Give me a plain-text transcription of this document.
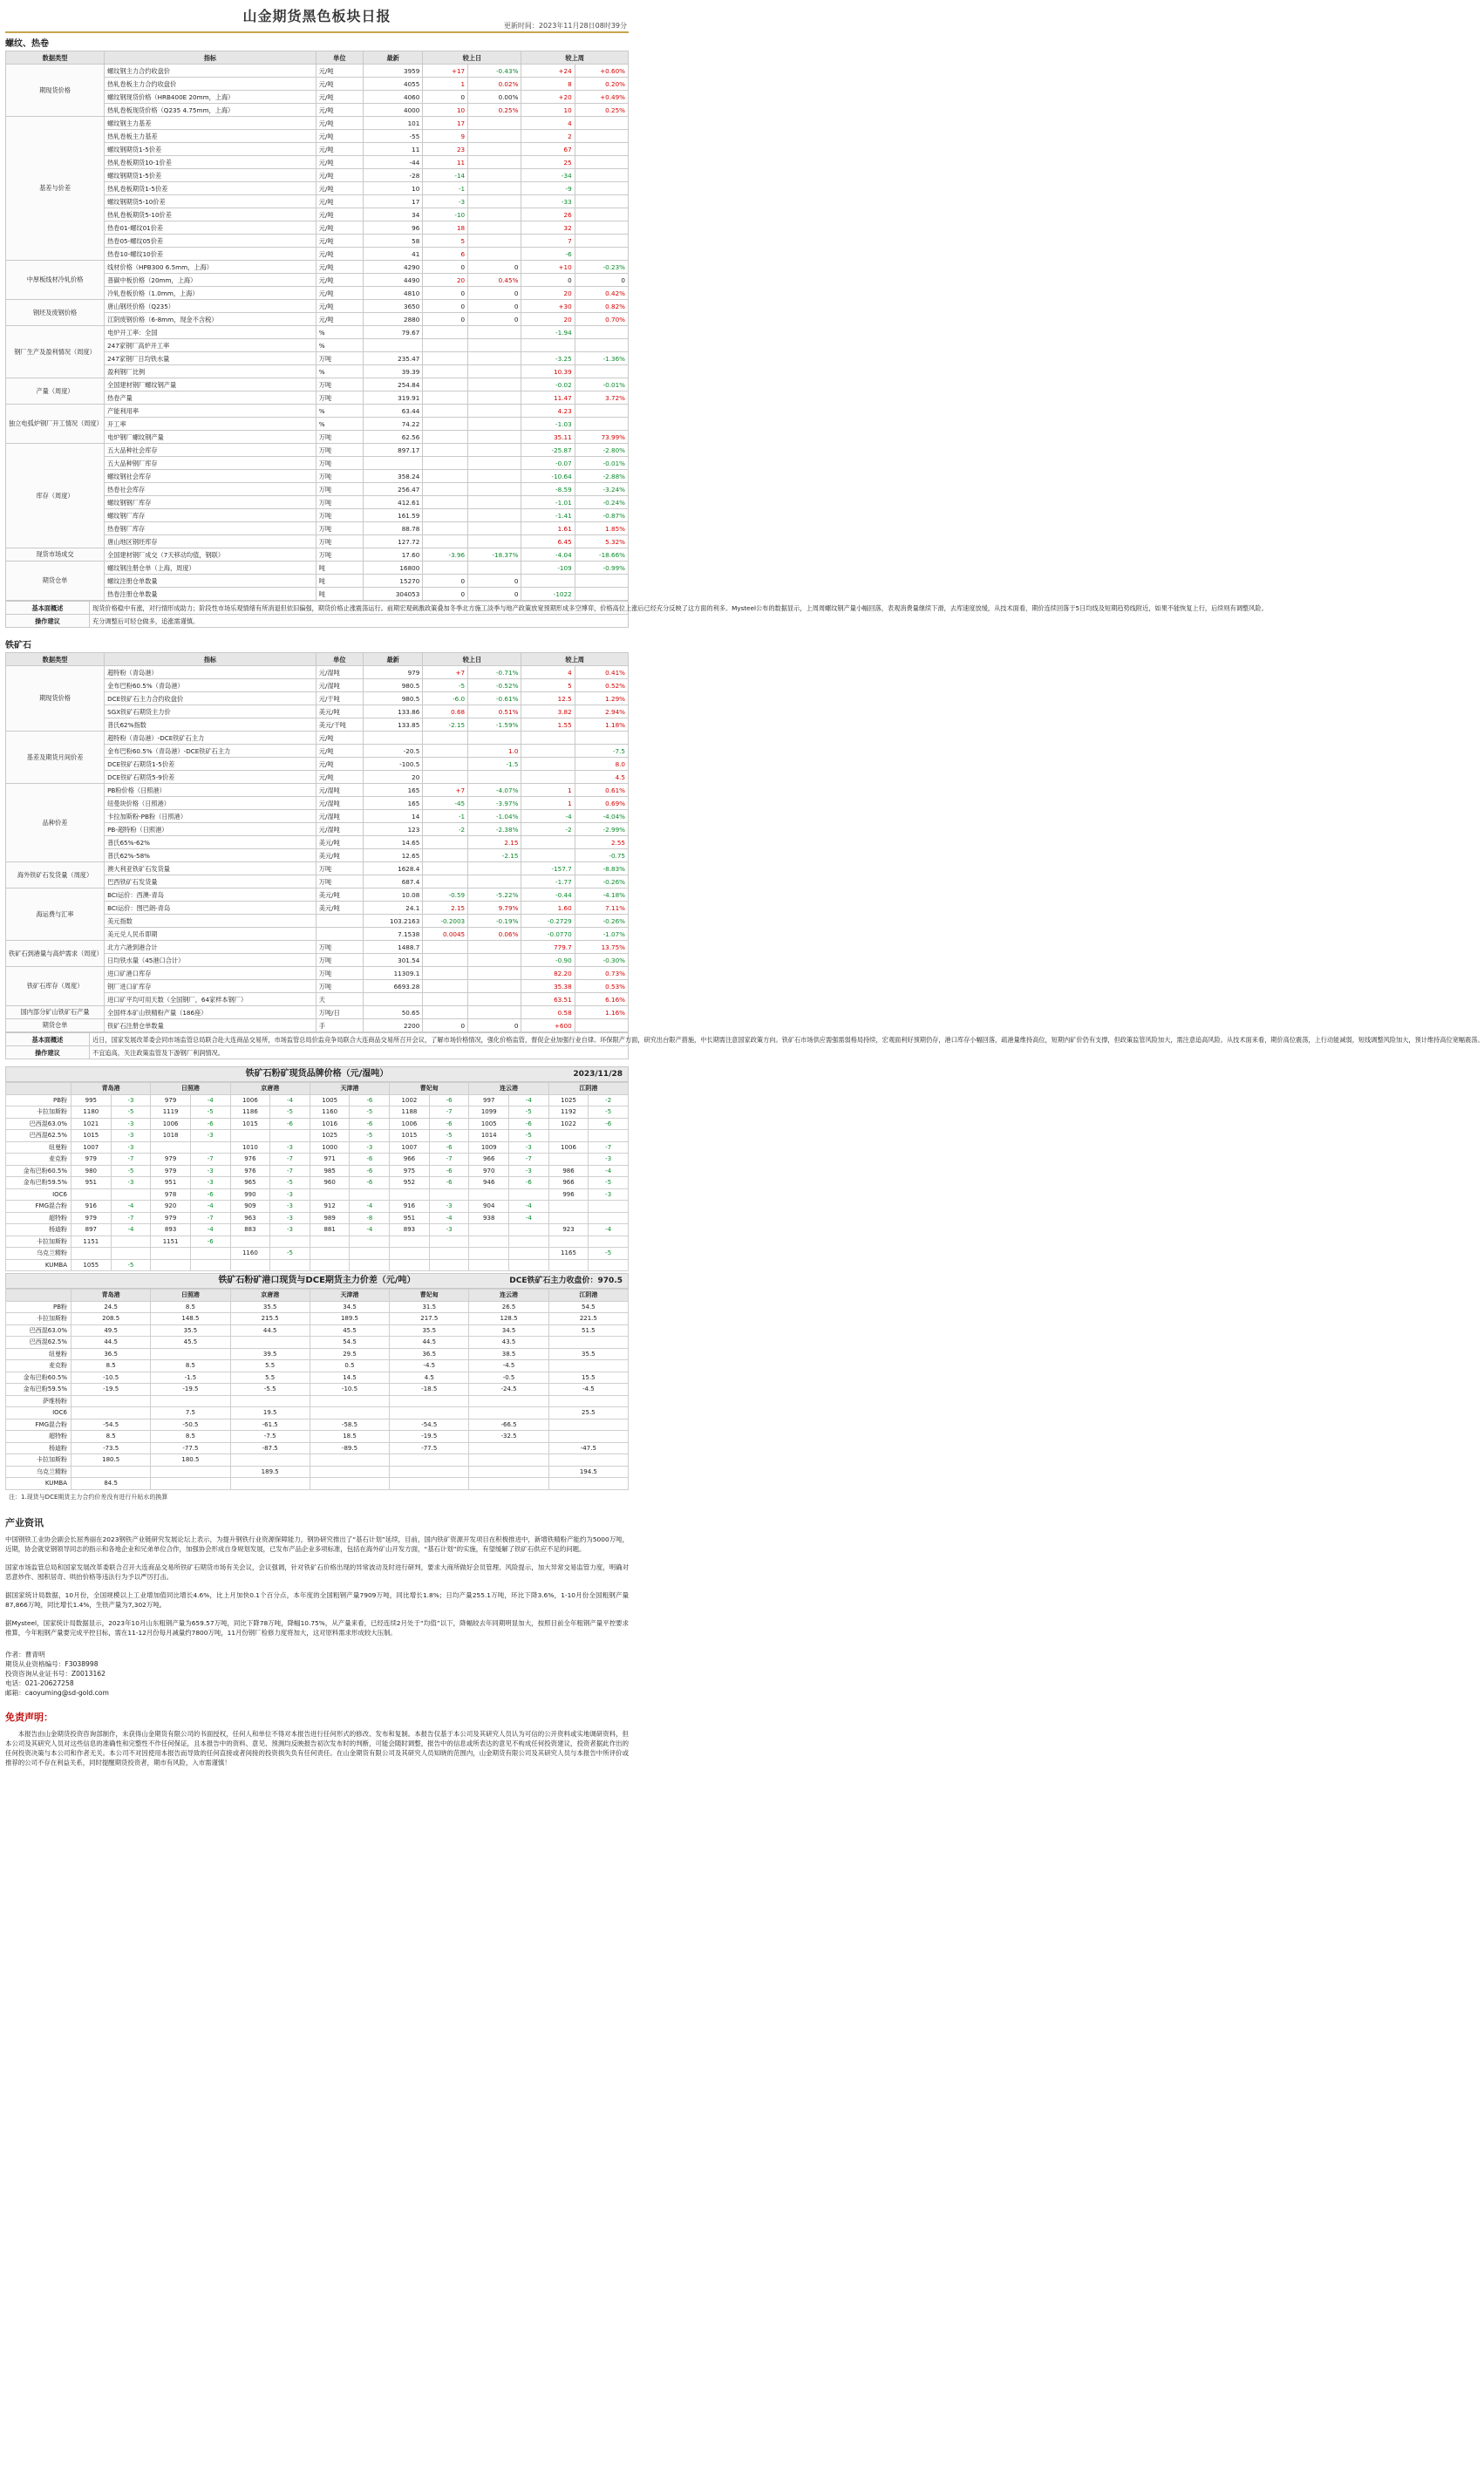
山金期货黑色板块日报
更新时间：2023年11月28日08时39分
螺纹、热卷
数据类型	指标	单位	最新	较上日		较上周	
期现货价格	螺纹钢主力合约收盘价	元/吨	3959	+17	-0.43%	+24	+0.60%
	热轧卷板主力合约收盘价	元/吨	4055	1	0.02%	8	0.20%
	螺纹钢现货价格（HRB400E 20mm，上海）	元/吨	4060	0	0.00%	+20	+0.49%
	热轧卷板现货价格（Q235 4.75mm，上海）	元/吨	4000	10	0.25%	10	0.25%
基差与价差	螺纹钢主力基差	元/吨	101	17		4	
	热轧卷板主力基差	元/吨	-55	9		2	
	螺纹钢期货1-5价差	元/吨	11	23		67	
	热轧卷板期货10-1价差	元/吨	-44	11		25	
	螺纹钢期货1-5价差	元/吨	-28	-14		-34	
	热轧卷板期货1-5价差	元/吨	10	-1		-9	
	螺纹钢期货5-10价差	元/吨	17	-3		-33	
	热轧卷板期货5-10价差	元/吨	34	-10		26	
	热卷01-螺纹01价差	元/吨	96	18		32	
	热卷05-螺纹05价差	元/吨	58	5		7	
	热卷10-螺纹10价差	元/吨	41	6		-6	
中厚板线材冷轧价格	线材价格（HPB300 6.5mm，上海）	元/吨	4290	0	0	+10	-0.23%
	普碳中板价格（20mm，上海）	元/吨	4490	20	0.45%	0	0
	冷轧卷板价格（1.0mm，上海）	元/吨	4810	0	0	20	0.42%
钢坯及废钢价格	唐山钢坯价格（Q235）	元/吨	3650	0	0	+30	0.82%
	江阴废钢价格（6-8mm，现金不含税）	元/吨	2880	0	0	20	0.70%
钢厂生产及盈利情况（周度）	电炉开工率：全国	%	79.67			-1.94	
	247家钢厂高炉开工率	%					
	247家钢厂日均铁水量	万吨	235.47			-3.25	-1.36%
	盈利钢厂比例	%	39.39			10.39	
产量（周度）	全国建材钢厂螺纹钢产量	万吨	254.84			-0.02	-0.01%
	热卷产量	万吨	319.91			11.47	3.72%
独立电弧炉钢厂开工情况（周度）	产能利用率	%	63.44			4.23	
	开工率	%	74.22			-1.03	
	电炉钢厂螺纹钢产量	万吨	62.56			35.11	73.99%
库存（周度）	五大品种社会库存	万吨	897.17			-25.87	-2.80%
	五大品种钢厂库存	万吨				-0.07	-0.01%
	螺纹钢社会库存	万吨	358.24			-10.64	-2.88%
	热卷社会库存	万吨	256.47			-8.59	-3.24%
	螺纹钢钢厂库存	万吨	412.61			-1.01	-0.24%
	螺纹钢厂库存	万吨	161.59			-1.41	-0.87%
	热卷钢厂库存	万吨	88.78			1.61	1.85%
	唐山地区钢坯库存	万吨	127.72			6.45	5.32%
现货市场成交	全国建材钢厂成交（7天移动均值，钢联）	万吨	17.60	-3.96	-18.37%	-4.04	-18.66%
期货仓单	螺纹钢注册仓单（上海，周度）	吨	16800			-109	-0.99%
	螺纹注册仓单数量	吨	15270	0	0		
	热卷注册仓单数量	吨	304053	0	0	-1022	
基本面概述	现货价格稳中有涨，对行情形成助力；阶段性市场乐观情绪有所消退但依旧偏强，期货价格止涨震荡运行。前期宏观刺激政策叠加冬季北方施工淡季与地产政策放宽预期形成多空博弈，价格高位上涨后已经充分反映了这方面的利多。Mysteel公布的数据显示，上周周螺纹钢产量小幅回落，表观消费量继续下滑，去库速度放缓，从技术面看，期价连续回落于5日均线及短期趋势线附近，如果不能恢复上行，后续则有调整风险。
操作建议	充分调整后可轻仓做多，追涨需谨慎。
铁矿石
数据类型	指标	单位	最新	较上日		较上周	
期现货价格	超特粉（青岛港）	元/湿吨	979	+7	-0.71%	4	0.41%
	金布巴粉60.5%（青岛港）	元/湿吨	980.5	-5	-0.52%	5	0.52%
	DCE铁矿石主力合约收盘价	元/干吨	980.5	-6.0	-0.61%	12.5	1.29%
	SGX铁矿石期货主力价	美元/吨	133.86	0.68	0.51%	3.82	2.94%
	普氏62%指数	美元/干吨	133.85	-2.15	-1.59%	1.55	1.18%
基差及期货月间价差	超特粉（青岛港）-DCE铁矿石主力	元/吨					
	金布巴粉60.5%（青岛港）-DCE铁矿石主力	元/吨	-20.5		1.0		-7.5
	DCE铁矿石期货1-5价差	元/吨	-100.5		-1.5		8.0
	DCE铁矿石期货5-9价差	元/吨	20				4.5
品种价差	PB粉价格（日照港）	元/湿吨	165	+7	-4.07%	1	0.61%
	纽曼块价格（日照港）	元/湿吨	165	-45	-3.97%	1	0.69%
	卡拉加斯粉-PB粉（日照港）	元/湿吨	14	-1	-1.04%	-4	-4.04%
	PB-超特粉（日照港）	元/湿吨	123	-2	-2.38%	-2	-2.99%
	普氏65%-62%	美元/吨	14.65		2.15		2.55
	普氏62%-58%	美元/吨	12.65		-2.15		-0.75
海外铁矿石发货量（周度）	澳大利亚铁矿石发货量	万吨	1628.4			-157.7	-8.83%
	巴西铁矿石发货量	万吨	687.4			-1.77	-0.26%
海运费与汇率	BCI运价：西澳-青岛	美元/吨	10.08	-0.59	-5.22%	-0.44	-4.18%
	BCI运价：图巴朗-青岛	美元/吨	24.1	2.15	9.79%	1.60	7.11%
	美元指数		103.2163	-0.2003	-0.19%	-0.2729	-0.26%
	美元兑人民币即期		7.1538	0.0045	0.06%	-0.0770	-1.07%
铁矿石到港量与高炉需求（周度）	北方六港到港合计	万吨	1488.7			779.7	13.75%
	日均铁水量（45港口合计）	万吨	301.54			-0.90	-0.30%
铁矿石库存（周度）	进口矿港口库存	万吨	11309.1			82.20	0.73%
	钢厂进口矿库存	万吨	6693.28			35.38	0.53%
	进口矿平均可用天数（全国钢厂，64家样本钢厂）	天				63.51	6.16%
国内部分矿山铁矿石产量	全国样本矿山铁精粉产量（186座）	万吨/日	50.65			0.58	1.16%
期货仓单	铁矿石注册仓单数量	手	2200	0	0	+600	
基本面概述	近日，国家发展改革委会同市场监管总局联合赴大连商品交易所，市场监管总局价监竞争局联合大连商品交易所召开会议，了解市场价格情况，强化价格监管，督促企业加强行业自律。环保限产方面，研究出台限产措施，中长期需注意国家政策方向。铁矿石市场供应需强需弱格局持续，宏观面利好预期仍存，港口库存小幅回落，疏港量维持高位，短期内矿价仍有支撑，但政策监管风险加大，需注意追高风险。从技术面来看，期价高位震荡，上行动能减弱，短线调整风险加大，预计维持高位宽幅震荡。
操作建议	不宜追高，关注政策监管及下游钢厂利润情况。
铁矿石粉矿现货品牌价格（元/湿吨）	2023/11/28
	青岛港		日照港		京唐港		天津港		曹妃甸		连云港		江阴港	
PB粉	995	-3	979	-4	1006	-4	1005	-6	1002	-6	997	-4	1025	-2
卡拉加斯粉	1180	-5	1119	-5	1186	-5	1160	-5	1188	-7	1099	-5	1192	-5
巴西混63.0%	1021	-3	1006	-6	1015	-6	1016	-6	1006	-6	1005	-6	1022	-6
巴西混62.5%	1015	-3	1018	-3			1025	-5	1015	-5	1014	-5		
纽曼粉	1007	-3			1010	-3	1000	-3	1007	-6	1009	-3	1006	-7
麦克粉	979	-7	979	-7	976	-7	971	-6	966	-7	966	-7		-3
金布巴粉60.5%	980	-5	979	-3	976	-7	985	-6	975	-6	970	-3	986	-4
金布巴粉59.5%	951	-3	951	-3	965	-5	960	-6	952	-6	946	-6	966	-5
IOC6			978	-6	990	-3							996	-3
FMG混合粉	916	-4	920	-4	909	-3	912	-4	916	-3	904	-4		
超特粉	979	-7	979	-7	963	-3	989	-8	951	-4	938	-4		
杨迪粉	897	-4	893	-4	883	-3	881	-4	893	-3			923	-4
卡拉加斯粉	1151		1151	-6										
乌克兰精粉					1160	-5							1165	-5
KUMBA	1055	-5												
铁矿石粉矿港口现货与DCE期货主力价差（元/吨）	DCE铁矿石主力收盘价：970.5
	青岛港	日照港	京唐港	天津港	曹妃甸	连云港	江阴港
PB粉	24.5	8.5	35.5	34.5	31.5	26.5	54.5
卡拉加斯粉	208.5	148.5	215.5	189.5	217.5	128.5	221.5
巴西混63.0%	49.5	35.5	44.5	45.5	35.5	34.5	51.5
巴西混62.5%	44.5	45.5		54.5	44.5	43.5	
纽曼粉	36.5		39.5	29.5	36.5	38.5	35.5
麦克粉	8.5	8.5	5.5	0.5	-4.5	-4.5	
金布巴粉60.5%	-10.5	-1.5	5.5	14.5	4.5	-0.5	15.5
金布巴粉59.5%	-19.5	-19.5	-5.5	-10.5	-18.5	-24.5	-4.5
萨维杨粉							
IOC6		7.5	19.5				25.5
FMG混合粉	-54.5	-50.5	-61.5	-58.5	-54.5	-66.5	
超特粉	8.5	8.5	-7.5	18.5	-19.5	-32.5	
杨迪粉	-73.5	-77.5	-87.5	-89.5	-77.5		-47.5
卡拉加斯粉	180.5	180.5					
乌克兰精粉			189.5				194.5
KUMBA	84.5						
注：1.现货与DCE期货主力合约价差没有进行升贴水的换算
产业资讯

中国钢铁工业协会副会长屈秀丽在2023钢铁产业链研究发展论坛上表示，为提升钢铁行业资源保障能力，钢协研究推出了“基石计划”延续，目前，国内铁矿资源开发项目在积极推进中，新增铁精粉产能约为5000万吨，近期，协会就党钢领导同志的指示和各地企业和兄弟单位合作，加强协会形成自身规划发展，已发布产品企业多项标准，包括在海外矿山开发方面，“基石计划”的实施，有望缓解了铁矿石供应不足的问题。

国家市场监管总局和国家发展改革委联合召开大连商品交易所铁矿石期货市场有关会议，会议强调，针对铁矿石价格出现的异常波动及时进行研判，要求大商所做好会员管理、风险提示，加大异常交易监管力度，明确对恶意炒作、囤积居奇、哄抬价格等违法行为予以严厉打击。

据国家统计局数据，10月份，全国规模以上工业增加值同比增长4.6%，比上月加快0.1个百分点，本年度的全国粗钢产量7909万吨，同比增长1.8%；日均产量255.1万吨，环比下降3.6%，1-10月份全国粗钢产量87,866万吨，同比增长1.4%，生铁产量为7,302万吨。

据Mysteel，国家统计局数据显示，2023年10月山东粗钢产量为659.57万吨，同比下降78万吨，降幅10.75%，从产量来看，已经连续2月处于“均值”以下，降幅较去年同期明显加大，按照目前全年粗钢产量平控要求推算，今年粗钢产量要完成平控目标，需在11-12月份每月减量约7800万吨，11月份钢厂检修力度将加大，这对原料需求形成较大压制。

作者：曹青明
期货从业资格编号：F3038998
投资咨询从业证书号：Z0013162
电话：021-20627258
邮箱：caoyuming@sd-gold.com
免责声明：
本报告由山金期货投资咨询部制作，未获得山金期货有限公司的书面授权，任何人和单位不得对本报告进行任何形式的修改、发布和复制。本报告仅基于本公司及其研究人员认为可信的公开资料或实地调研资料，但本公司及其研究人员对这些信息的准确性和完整性不作任何保证，且本报告中的资料、意见、预测均反映报告初次发布时的判断，可能会随时调整，报告中的信息或所表达的意见不构成任何投资建议，投资者据此作出的任何投资决策与本公司和作者无关。本公司不对因使用本报告而导致的任何直接或者间接的投资损失负有任何责任。在山金期货有限公司及其研究人员知晓的范围内，山金期货有限公司及其研究人员与本报告中所评价或推荐的公司不存在利益关系，同时提醒期货投资者，期市有风险，入市需谨慎！
